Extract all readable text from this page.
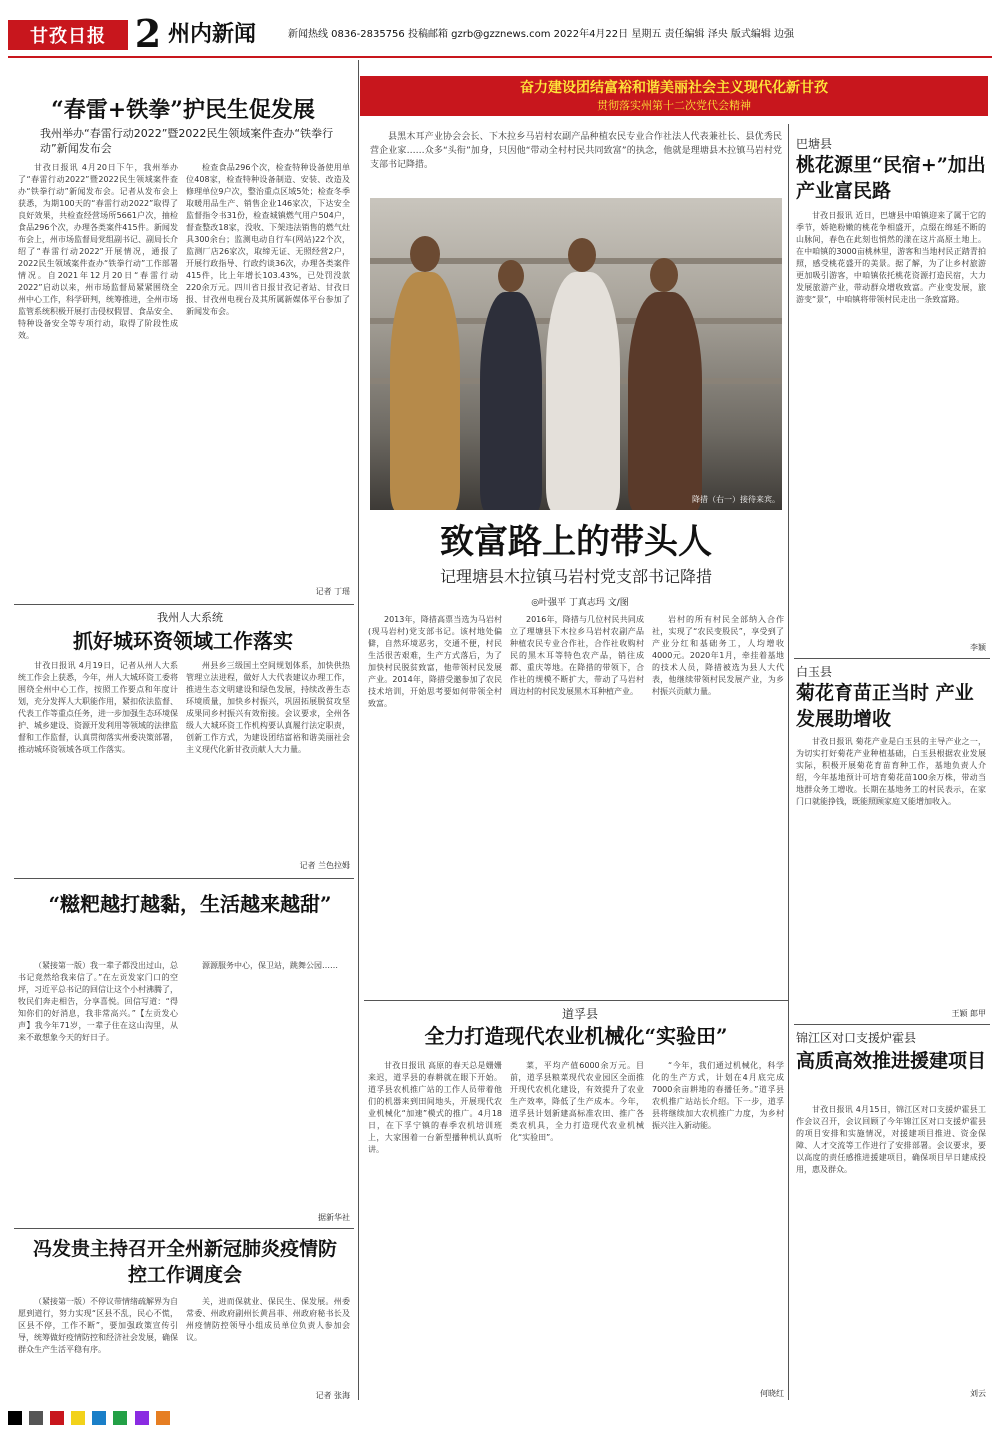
甘孜日报 2 州内新闻	新闻热线 0836-2835756 投稿邮箱 gzrb@gzznews.com 2022年4月22日 星期五 责任编辑 泽央 版式编辑 边强
奋力建设团结富裕和谐美丽社会主义现代化新甘孜
贯彻落实州第十二次党代会精神
“春雷+铁拳”护民生促发展
我州举办“春雷行动2022”暨2022民生领域案件查办“铁拳行动”新闻发布会

甘孜日报讯 4月20日下午，我州举办了“春雷行动2022”暨2022民生领域案件查办“铁拳行动”新闻发布会。记者从发布会上获悉，为期100天的“春雷行动2022”取得了良好效果，共检查经营场所5661户次，抽检食品296个次，办理各类案件415件。新闻发布会上，州市场监督局党组副书记、副局长介绍了“春雷行动2022”开展情况，通报了2022民生领域案件查办“铁拳行动”工作部署情况。自2021年12月20日“春雷行动2022”启动以来，州市场监督局紧紧围绕全州中心工作，科学研判，统筹推进，全州市场监管系统积极开展打击侵权假冒、食品安全、特种设备安全等专项行动，取得了阶段性成效。

检查食品296个次，检查特种设备使用单位408家，检查特种设备制造、安装、改造及修理单位9户次，整治重点区域5处；检查冬季取暖用品生产、销售企业146家次，下达安全监督指令书31份，检查城镇燃气用户504户，督查整改18家，没收、下架违法销售的燃气灶具300余台；监测电动自行车(网站)22个次，监测厂店26家次，取缔无证、无照经营2户，开展行政指导、行政约谈36次，办理各类案件415件，比上年增长103.43%，已处罚没款220余万元。四川省日报甘孜记者站、甘孜日报、甘孜州电视台及其所属新媒体平台参加了新闻发布会。

记者 丁瑶
我州人大系统
抓好城环资领域工作落实

甘孜日报讯 4月19日，记者从州人大系统工作会上获悉，今年，州人大城环资工委将围绕全州中心工作，按照工作要点和年度计划，充分发挥人大职能作用，紧扣依法监督、代表工作等重点任务，进一步加强生态环境保护、城乡建设、资源开发利用等领域的法律监督和工作监督，认真贯彻落实州委决策部署，推动城环资领域各项工作落实。

州县乡三级国土空间规划体系，加快供热管理立法进程，做好人大代表建议办理工作，推进生态文明建设和绿色发展，持续改善生态环境质量，加快乡村振兴，巩固拓展脱贫攻坚成果同乡村振兴有效衔接。会议要求，全州各级人大城环资工作机构要认真履行法定职责，创新工作方式，为建设团结富裕和谐美丽社会主义现代化新甘孜贡献人大力量。

记者 兰色拉姆
“糍粑越打越黏，生活越来越甜”

（紧接第一版）我一辈子都没出过山，总书记竟然给我来信了。”在左贡发家门口的空坪，习近平总书记的回信让这个小村沸腾了，牧民们奔走相告，分享喜悦。回信写道：“得知你们的好消息，我非常高兴。”【左贡发心声】我今年71岁，一辈子住在这山沟里，从来不敢想象今天的好日子。

源源服务中心，保卫站，跳舞公园……

据新华社
冯发贵主持召开全州新冠肺炎疫情防控工作调度会

（紧接第一版）不停议带情绪疏解界为自愿到道行，努力实现“区县不乱，民心不慌，区县不停，工作不断”，要加强政策宣传引导，统筹做好疫情防控和经济社会发展，确保群众生产生活平稳有序。

关，进而保就业、保民生、保发展。州委常委、州政府副州长黄昌菲、州政府秘书长及州疫情防控领导小组成员单位负责人参加会议。

记者 张海

县黑木耳产业协会会长、下木拉乡马岩村农副产品种植农民专业合作社法人代表兼社长、县优秀民营企业家……众多“头衔”加身，只因他“带动全村村民共同致富”的执念，他就是理塘县木拉镇马岩村党支部书记降措。

降措（右一）接待来宾。
致富路上的带头人
记理塘县木拉镇马岩村党支部书记降措
◎叶强平 丁真志玛 文/图

2013年，降措高票当选为马岩村(现马岩村)党支部书记。该村地处偏僻，自然环境恶劣，交通不便，村民生活很苦艰难，生产方式落后，为了加快村民脱贫致富，他带领村民发展产业。2014年，降措受邀参加了农民技术培训，开始思考要如何带领全村致富。

2016年，降措与几位村民共同成立了理塘县下木拉乡马岩村农副产品种植农民专业合作社，合作社收购村民的黑木耳等特色农产品，销往成都、重庆等地。在降措的带领下，合作社的规模不断扩大，带动了马岩村周边村的村民发展黑木耳种植产业。

岩村的所有村民全部纳入合作社，实现了“农民变股民”，享受到了产业分红和基础务工，人均增收4000元。2020年1月，牵挂着基地的技术人员，降措被选为县人大代表，他继续带领村民发展产业，为乡村振兴贡献力量。

道孚县
全力打造现代农业机械化“实验田”

甘孜日报讯 高原的春天总是姗姗来迟，道孚县的春耕就在眼下开始。道孚县农机推广站的工作人员带着他们的机器来到田间地头，开展现代农业机械化“加速”模式的推广。4月18日，在下孚宁镇的春季农机培训班上，大家围着一台新型播种机认真听讲。

菜，平均产值6000余万元。目前，道孚县粮菜现代农业园区全面推开现代农机化建设，有效提升了农业生产效率，降低了生产成本。今年，道孚县计划新建高标准农田、推广各类农机具，全力打造现代农业机械化“实验田”。

“今年，我们通过机械化，科学化的生产方式，计划在4月底完成7000余亩耕地的春播任务。”道孚县农机推广站站长介绍。下一步，道孚县将继续加大农机推广力度，为乡村振兴注入新动能。

何晓红
巴塘县
桃花源里“民宿+”加出产业富民路

甘孜日报讯 近日，巴塘县中咱镇迎来了属于它的季节，娇艳粉嫩的桃花争相盛开，点缀在绵延不断的山脉间，春色在此刻也悄然的漾在这片高原土地上。在中咱镇的3000亩桃林里，游客和当地村民正踏青拍照，感受桃花盛开的美景。据了解，为了让乡村旅游更加吸引游客，中咱镇依托桃花资源打造民宿，大力发展旅游产业，带动群众增收致富。产业变发展，旅游变“景”，中咱镇将带领村民走出一条致富路。

李颖
白玉县
菊花育苗正当时 产业发展助增收

甘孜日报讯 菊花产业是白玉县的主导产业之一，为切实打好菊花产业种植基础，白玉县根据农业发展实际，积极开展菊花育苗育种工作，基地负责人介绍，今年基地预计可培育菊花苗100余万株，带动当地群众务工增收。长期在基地务工的村民表示，在家门口就能挣钱，既能照顾家庭又能增加收入。

王颖 郎甲
锦江区对口支援炉霍县
高质高效推进援建项目

甘孜日报讯 4月15日，锦江区对口支援炉霍县工作会议召开，会议回顾了今年锦江区对口支援炉霍县的项目安排和实施情况，对援建项目推进、资金保障、人才交流等工作进行了安排部署。会议要求，要以高度的责任感推进援建项目，确保项目早日建成投用，惠及群众。

刘云
